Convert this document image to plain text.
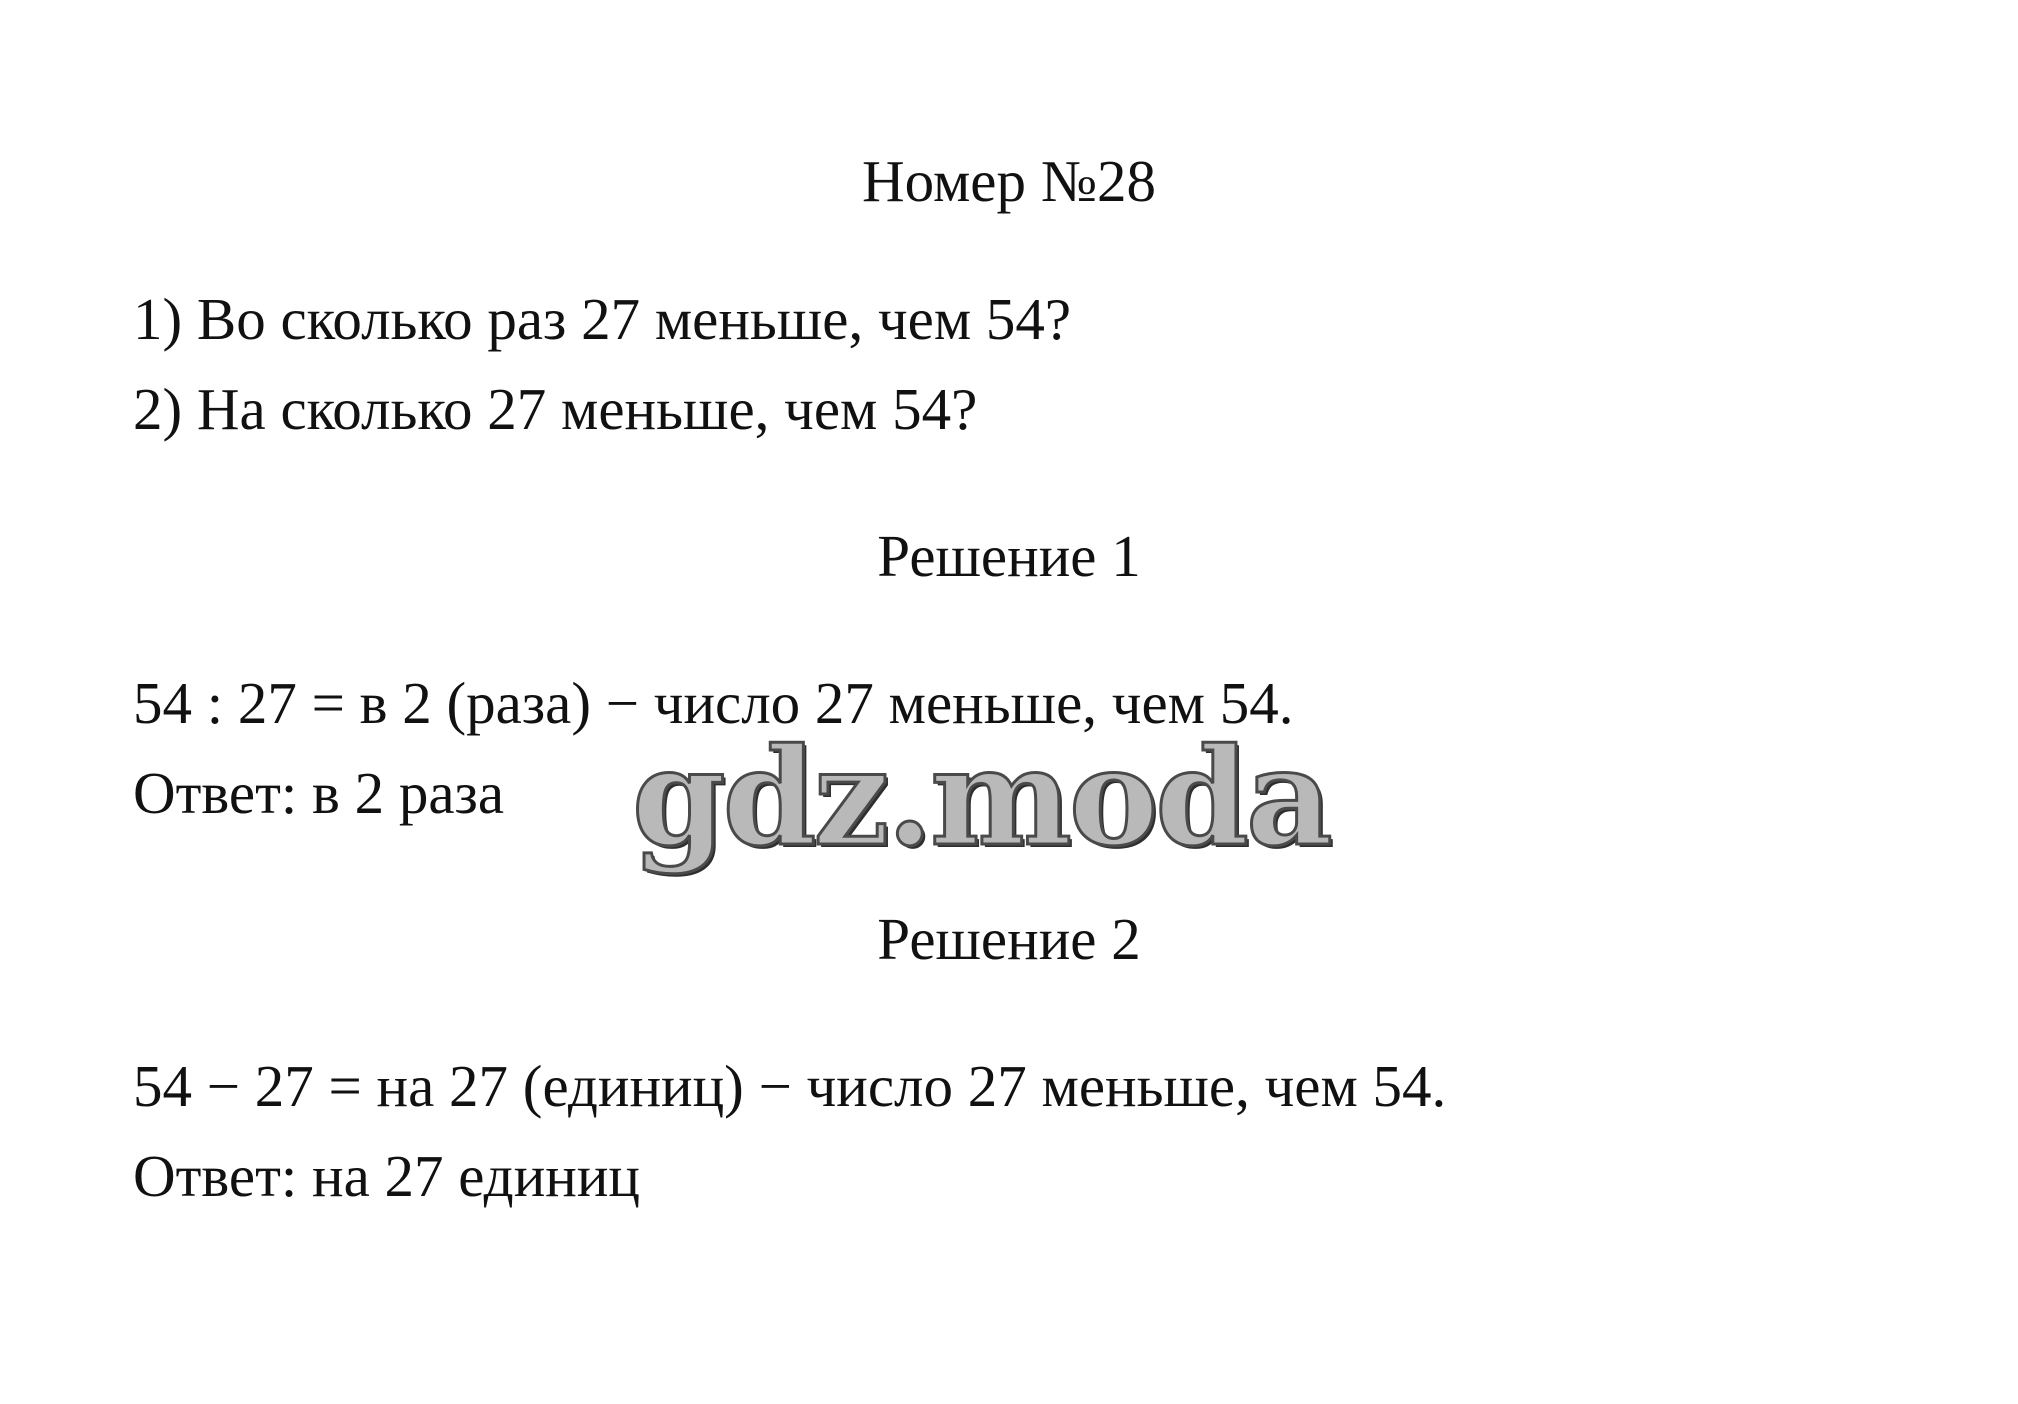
Номер №28
1) Во сколько раз 27 меньше, чем 54?
2) На сколько 27 меньше, чем 54?
Решение 1
54 : 27 = в 2 (раза) − число 27 меньше, чем 54.
Ответ: в 2 раза gdz.moda
Решение 2
54 − 27 = на 27 (единиц) − число 27 меньше, чем 54.
Ответ: на 27 единиц
